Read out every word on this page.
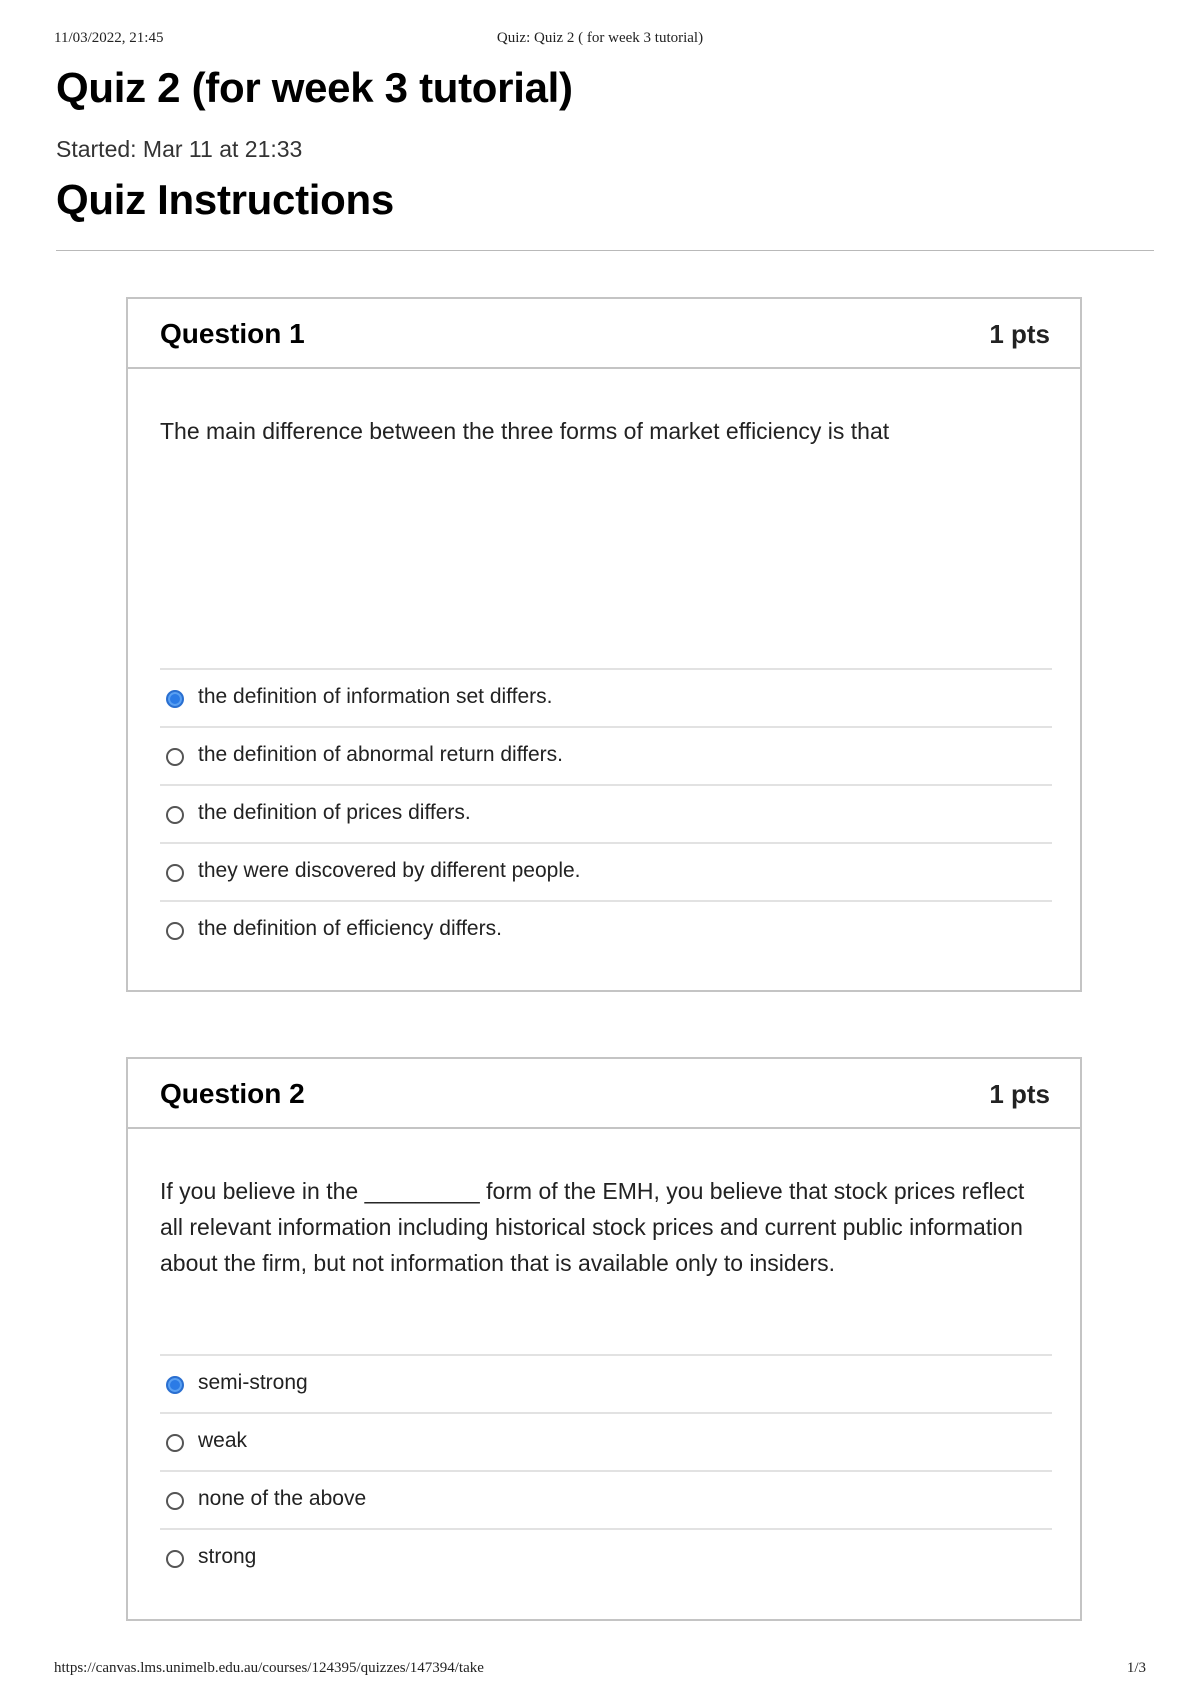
11/03/2022, 21:45	Quiz: Quiz 2 ( for week 3 tutorial)
Quiz 2 (for week 3 tutorial)
Started: Mar 11 at 21:33
Quiz Instructions
Question 1	1 pts
The main difference between the three forms of market efficiency is that
the definition of information set differs.
the definition of abnormal return differs.
the definition of prices differs.
they were discovered by different people.
the definition of efficiency differs.
Question 2	1 pts
If you believe in the _________ form of the EMH, you believe that stock prices reflect all relevant information including historical stock prices and current public information about the firm, but not information that is available only to insiders.
semi-strong
weak
none of the above
strong
https://canvas.lms.unimelb.edu.au/courses/124395/quizzes/147394/take	1/3
